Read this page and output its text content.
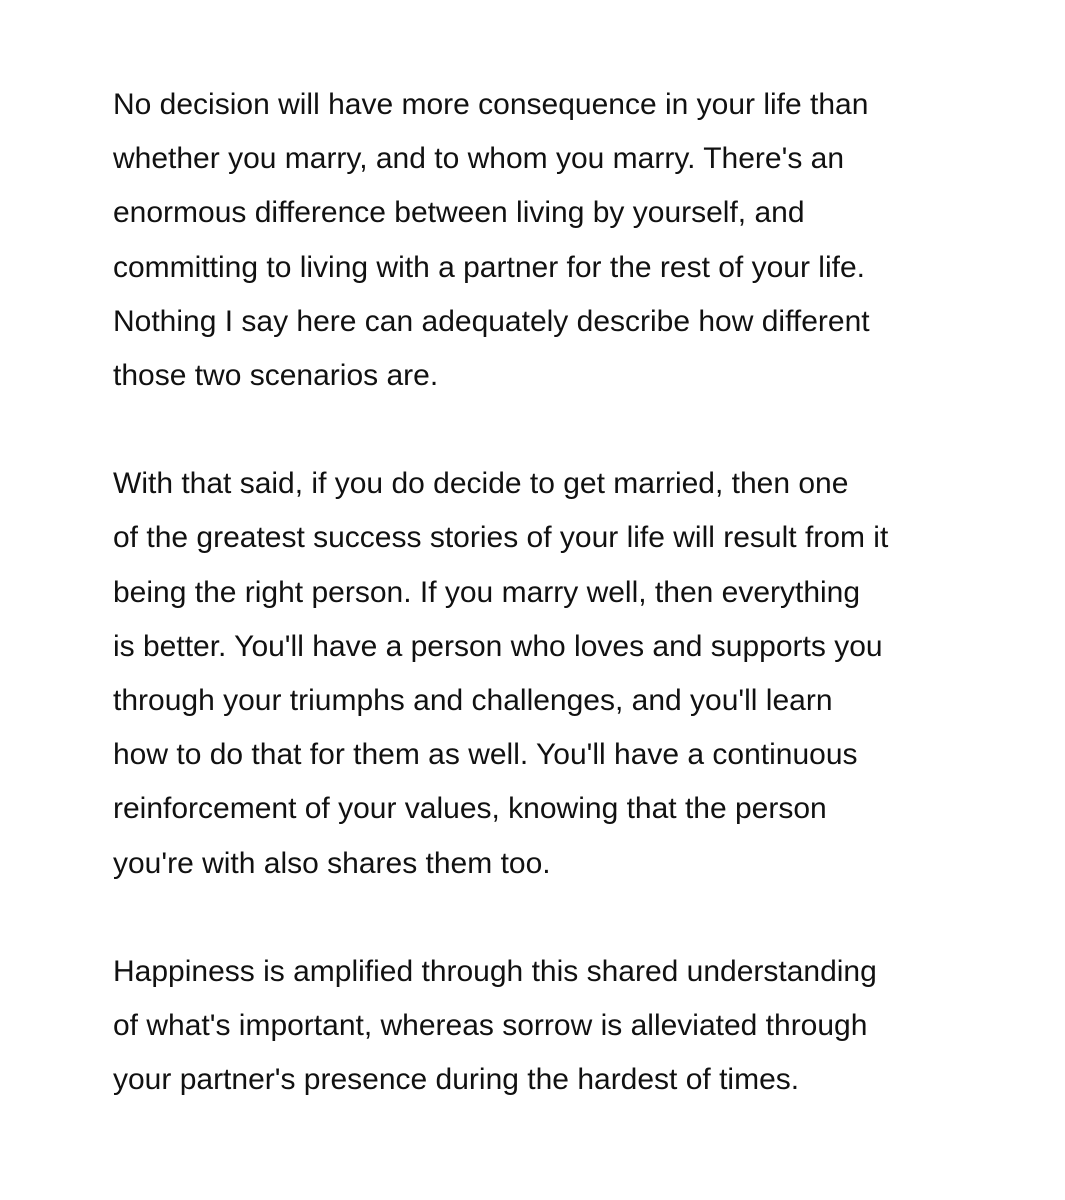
No decision will have more consequence in your life than
whether you marry, and to whom you marry. There's an
enormous difference between living by yourself, and
committing to living with a partner for the rest of your life.
Nothing I say here can adequately describe how different
those two scenarios are.

With that said, if you do decide to get married, then one
of the greatest success stories of your life will result from it
being the right person. If you marry well, then everything
is better. You'll have a person who loves and supports you
through your triumphs and challenges, and you'll learn
how to do that for them as well. You'll have a continuous
reinforcement of your values, knowing that the person
you're with also shares them too.

Happiness is amplified through this shared understanding
of what's important, whereas sorrow is alleviated through
your partner's presence during the hardest of times.
